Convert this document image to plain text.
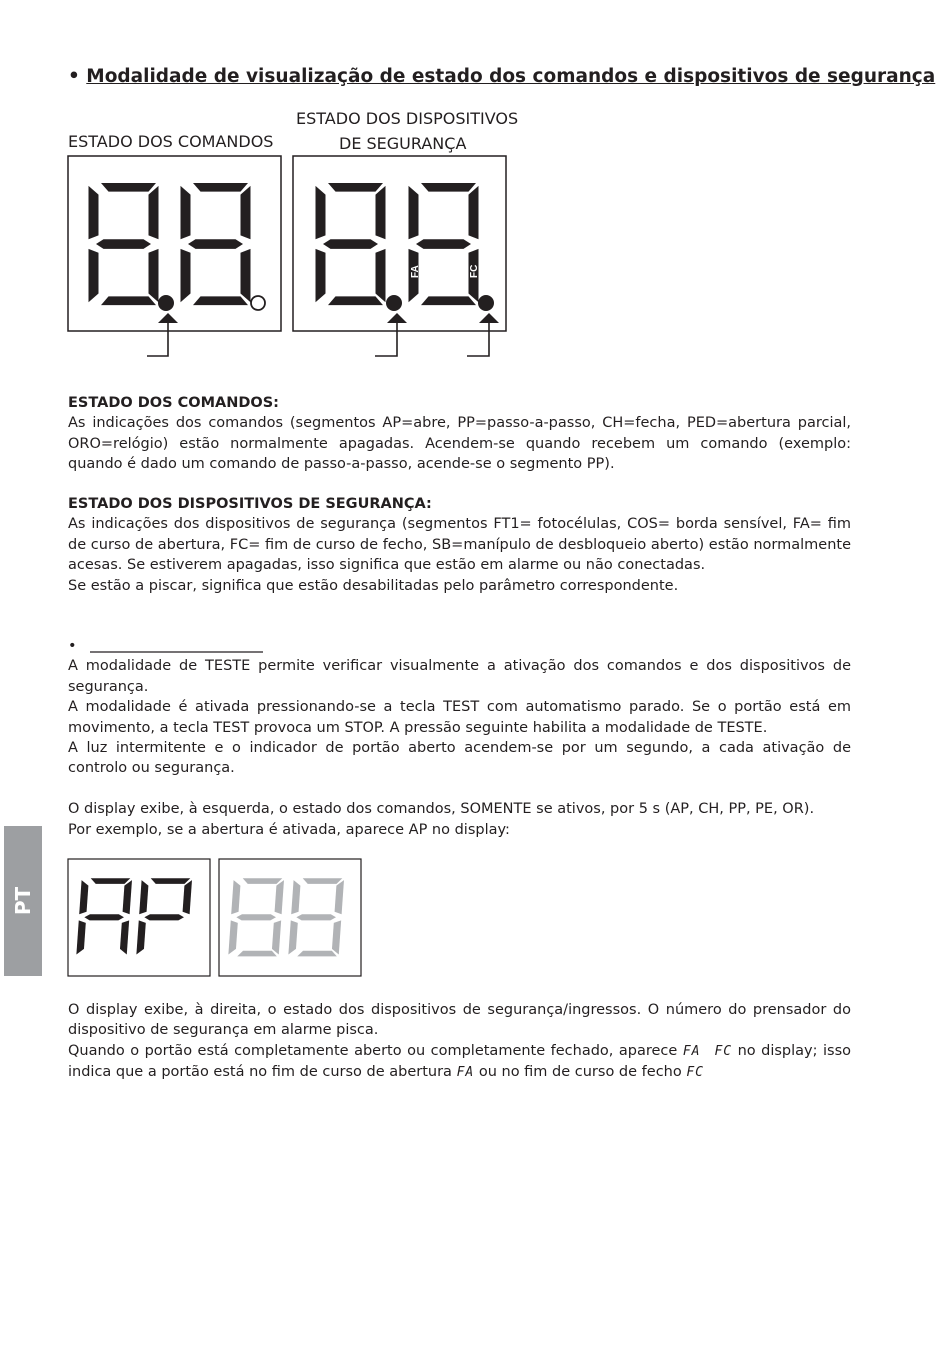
• Modalidade de visualização de estado dos comandos e dispositivos de segurança
ESTADO DOS COMANDOS
ESTADO DOS DISPOSITIVOS
DE SEGURANÇA
FA	FC

ESTADO DOS COMANDOS:

As indicações dos comandos (segmentos AP=abre, PP=passo-a-passo, CH=fecha, PED=abertura parcial, ORO=relógio) estão normalmente apagadas. Acendem-se quando recebem um comando (exemplo: quando é dado um comando de passo-a-passo, acende-se o segmento PP).

ESTADO DOS DISPOSITIVOS DE SEGURANÇA:

As indicações dos dispositivos de segurança (segmentos FT1= fotocélulas, COS= borda sensível, FA= fim de curso de abertura, FC= fim de curso de fecho, SB=manípulo de desbloqueio aberto) estão normalmente acesas. Se estiverem apagadas, isso significa que estão em alarme ou não conectadas.

Se estão a piscar, significa que estão desabilitadas pelo parâmetro correspondente.

•

A modalidade de TESTE permite verificar visualmente a ativação dos comandos e dos dispositivos de segurança.

A modalidade é ativada pressionando-se a tecla TEST com automatismo parado. Se o portão está em movimento, a tecla TEST provoca um STOP. A pressão seguinte habilita a modalidade de TESTE.

A luz intermitente e o indicador de portão aberto acendem-se por um segundo, a cada ativação de controlo ou segurança.

O display exibe, à esquerda, o estado dos comandos, SOMENTE se ativos, por 5 s (AP, CH, PP, PE, OR).

Por exemplo, se a abertura é ativada, aparece AP no display:

O display exibe, à direita, o estado dos dispositivos de segurança/ingressos. O número do prensador do dispositivo de segurança em alarme pisca.

Quando o portão está completamente aberto ou completamente fechado, aparece FA FC no display; isso indica que a portão está no fim de curso de abertura FA ou no fim de curso de fecho FC

PT
